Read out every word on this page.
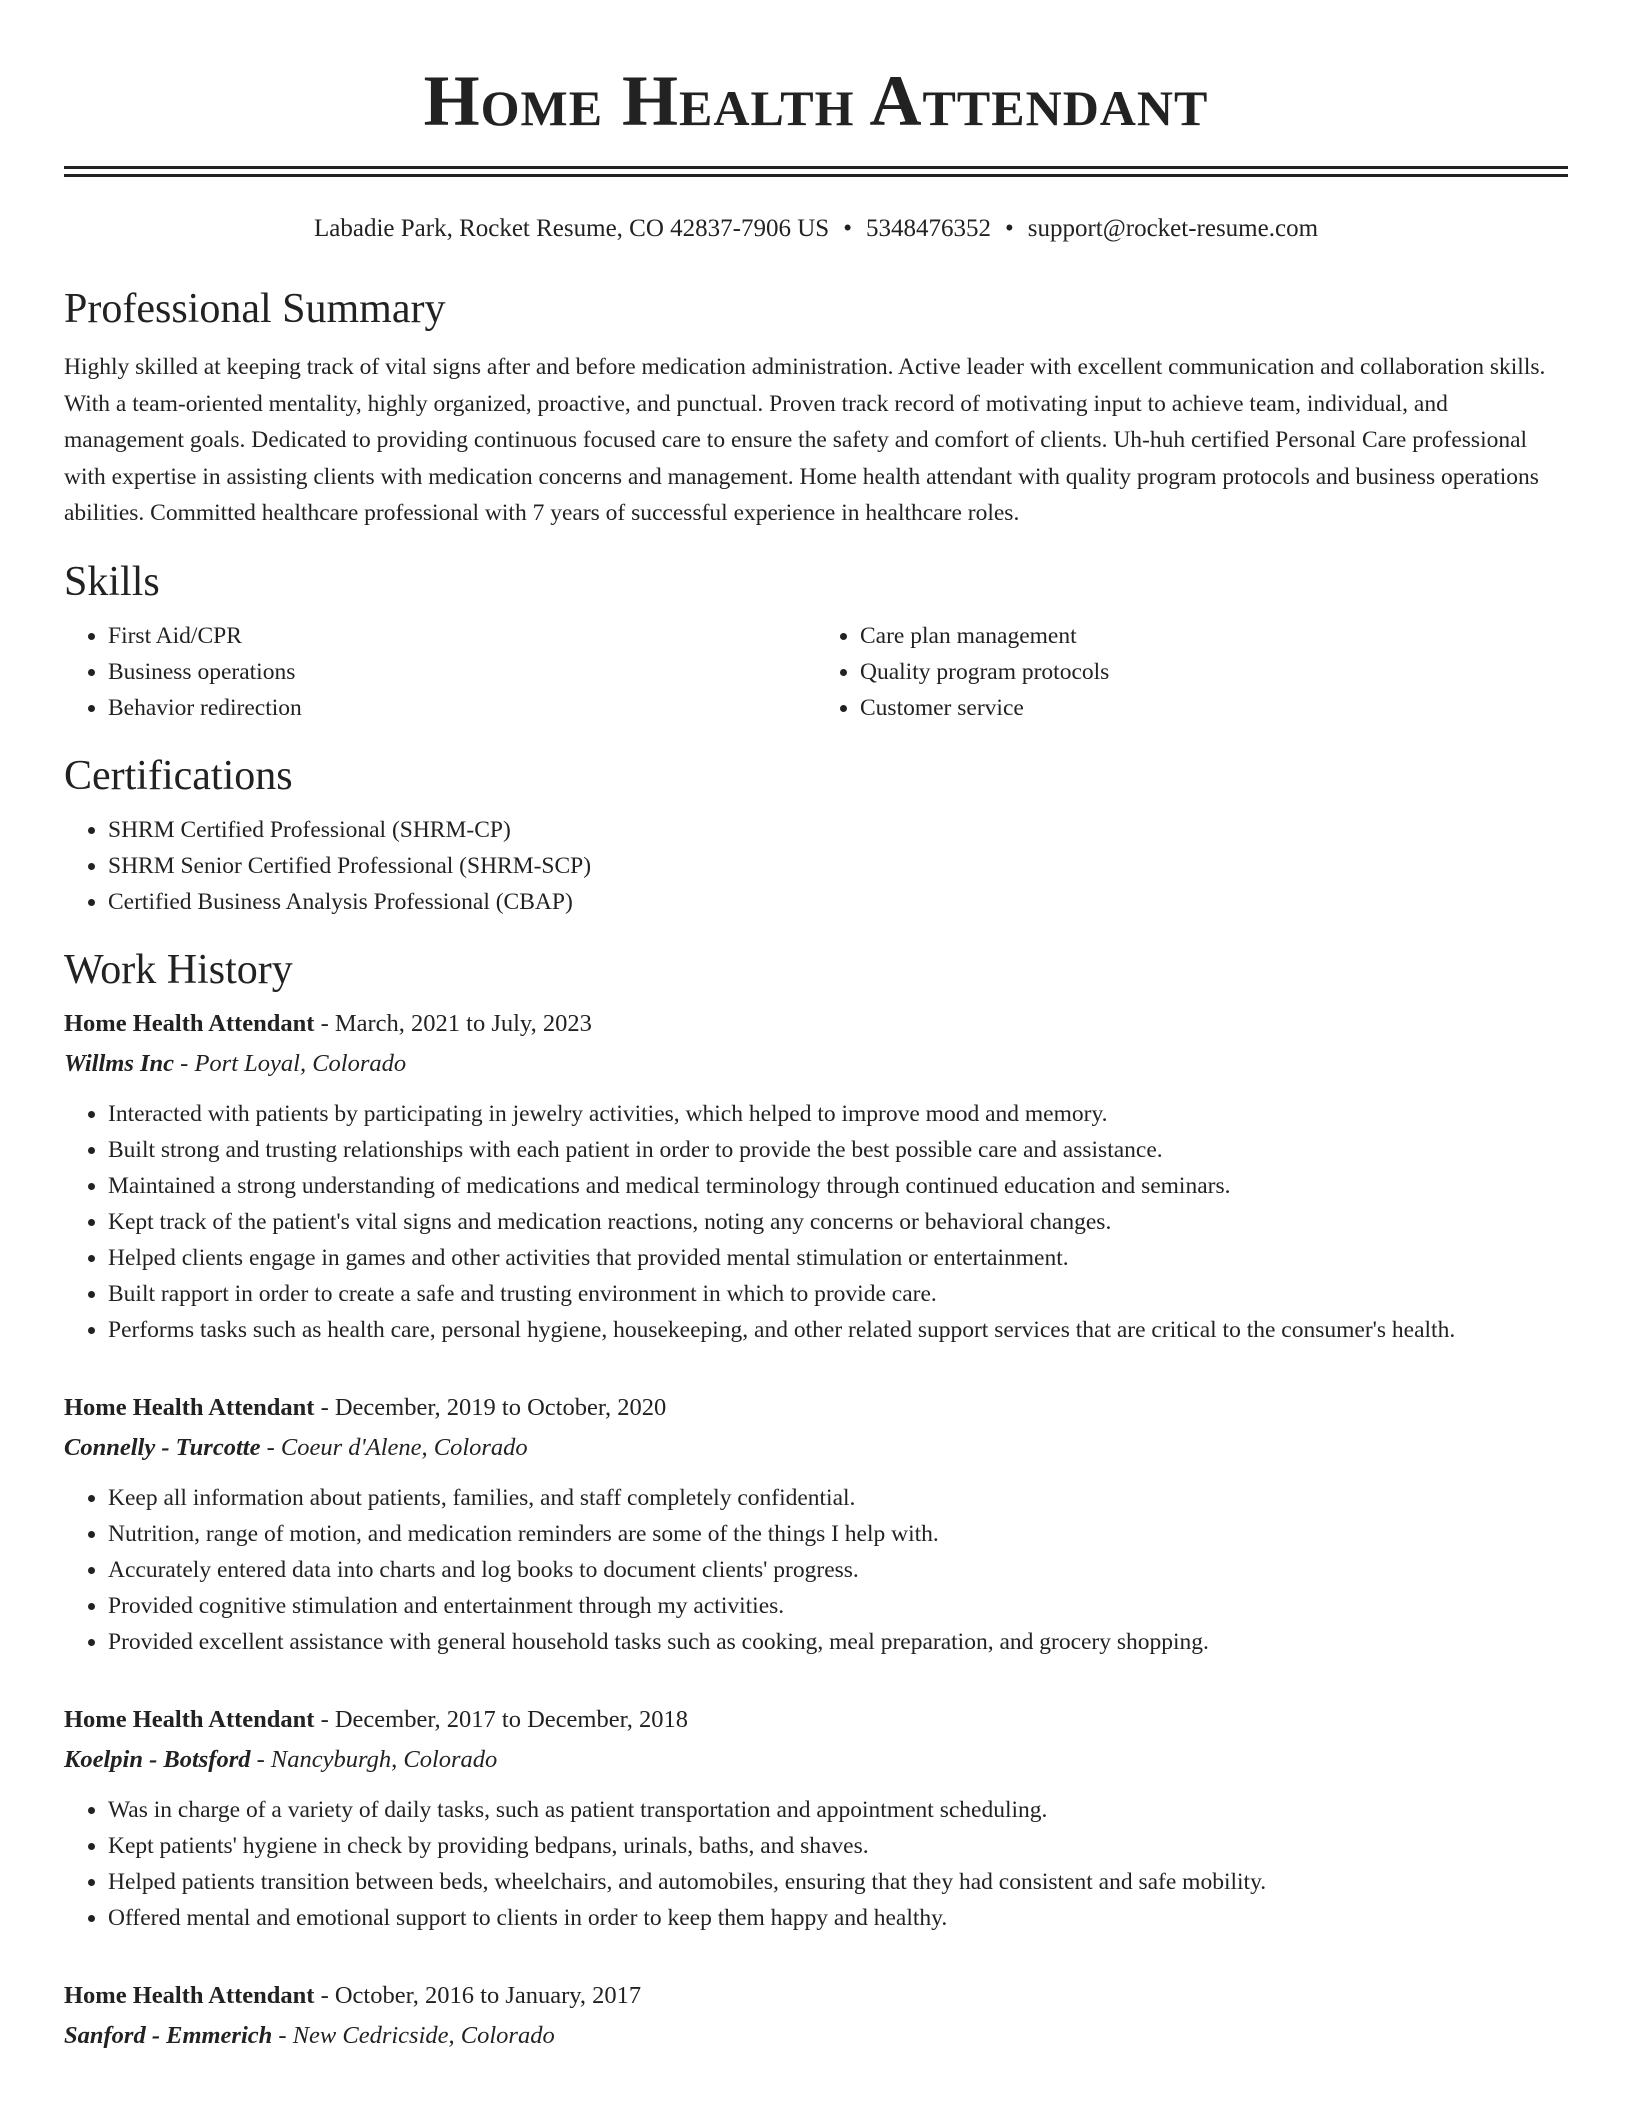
Home Health Attendant
Labadie Park, Rocket Resume, CO 42837-7906 US • 5348476352 • support@rocket-resume.com
Professional Summary

Highly skilled at keeping track of vital signs after and before medication administration. Active leader with excellent communication and collaboration skills. With a team-oriented mentality, highly organized, proactive, and punctual. Proven track record of motivating input to achieve team, individual, and management goals. Dedicated to providing continuous focused care to ensure the safety and comfort of clients. Uh-huh certified Personal Care professional with expertise in assisting clients with medication concerns and management. Home health attendant with quality program protocols and business operations abilities. Committed healthcare professional with 7 years of successful experience in healthcare roles.

Skills
• First Aid/CPR
• Business operations
• Behavior redirection
• Care plan management
• Quality program protocols
• Customer service
Certifications
• SHRM Certified Professional (SHRM-CP)
• SHRM Senior Certified Professional (SHRM-SCP)
• Certified Business Analysis Professional (CBAP)
Work History
Home Health Attendant - March, 2021 to July, 2023
Willms Inc - Port Loyal, Colorado
• Interacted with patients by participating in jewelry activities, which helped to improve mood and memory.
• Built strong and trusting relationships with each patient in order to provide the best possible care and assistance.
• Maintained a strong understanding of medications and medical terminology through continued education and seminars.
• Kept track of the patient's vital signs and medication reactions, noting any concerns or behavioral changes.
• Helped clients engage in games and other activities that provided mental stimulation or entertainment.
• Built rapport in order to create a safe and trusting environment in which to provide care.
• Performs tasks such as health care, personal hygiene, housekeeping, and other related support services that are critical to the consumer's health.
Home Health Attendant - December, 2019 to October, 2020
Connelly - Turcotte - Coeur d'Alene, Colorado
• Keep all information about patients, families, and staff completely confidential.
• Nutrition, range of motion, and medication reminders are some of the things I help with.
• Accurately entered data into charts and log books to document clients' progress.
• Provided cognitive stimulation and entertainment through my activities.
• Provided excellent assistance with general household tasks such as cooking, meal preparation, and grocery shopping.
Home Health Attendant - December, 2017 to December, 2018
Koelpin - Botsford - Nancyburgh, Colorado
• Was in charge of a variety of daily tasks, such as patient transportation and appointment scheduling.
• Kept patients' hygiene in check by providing bedpans, urinals, baths, and shaves.
• Helped patients transition between beds, wheelchairs, and automobiles, ensuring that they had consistent and safe mobility.
• Offered mental and emotional support to clients in order to keep them happy and healthy.
Home Health Attendant - October, 2016 to January, 2017
Sanford - Emmerich - New Cedricside, Colorado
